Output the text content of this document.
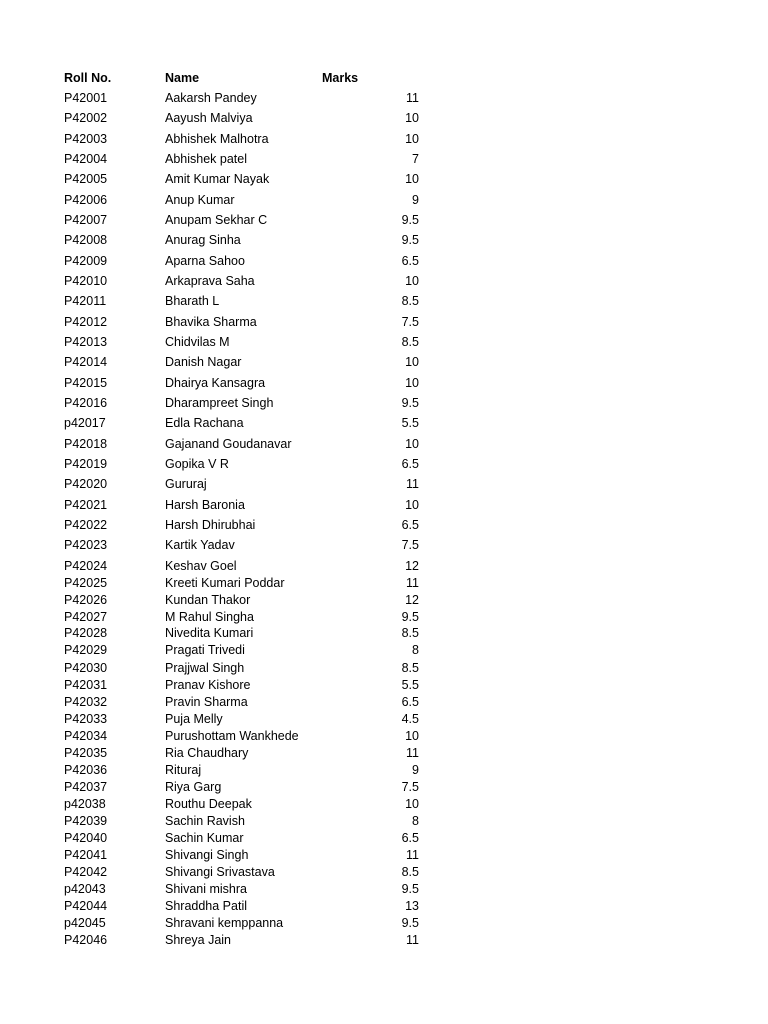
Roll No.	Name	Marks
P42001	Aakarsh Pandey	11
P42002	Aayush Malviya	10
P42003	Abhishek Malhotra	10
P42004	Abhishek patel	7
P42005	Amit Kumar Nayak	10
P42006	Anup Kumar	9
P42007	Anupam Sekhar C	9.5
P42008	Anurag Sinha	9.5
P42009	Aparna Sahoo	6.5
P42010	Arkaprava Saha	10
P42011	Bharath L	8.5
P42012	Bhavika Sharma	7.5
P42013	Chidvilas M	8.5
P42014	Danish Nagar	10
P42015	Dhairya Kansagra	10
P42016	Dharampreet Singh	9.5
p42017	Edla Rachana	5.5
P42018	Gajanand Goudanavar	10
P42019	Gopika V R	6.5
P42020	Gururaj	11
P42021	Harsh Baronia	10
P42022	Harsh Dhirubhai	6.5
P42023	Kartik Yadav	7.5
P42024	Keshav Goel	12
P42025	Kreeti Kumari Poddar	11
P42026	Kundan Thakor	12
P42027	M Rahul Singha	9.5
P42028	Nivedita Kumari	8.5
P42029	Pragati Trivedi	8
P42030	Prajjwal Singh	8.5
P42031	Pranav Kishore	5.5
P42032	Pravin Sharma	6.5
P42033	Puja Melly	4.5
P42034	Purushottam Wankhede	10
P42035	Ria Chaudhary	11
P42036	Rituraj	9
P42037	Riya Garg	7.5
p42038	Routhu Deepak	10
P42039	Sachin Ravish	8
P42040	Sachin Kumar	6.5
P42041	Shivangi Singh	11
P42042	Shivangi Srivastava	8.5
p42043	Shivani mishra	9.5
P42044	Shraddha Patil	13
p42045	Shravani kemppanna	9.5
P42046	Shreya Jain	11
